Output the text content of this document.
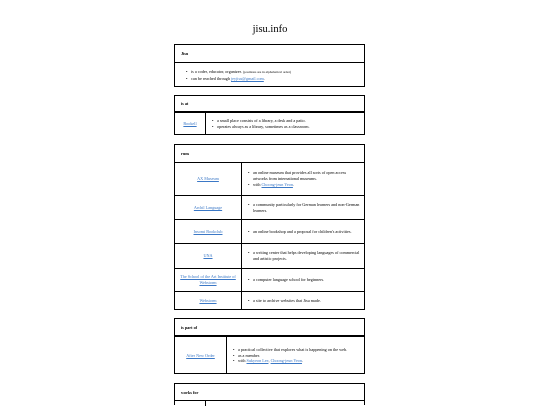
jisu.info
Jisu
• is a coder, educator, organizer. (positions are in alphabetical order)
• can be reached through jeyjisu@gmail.com.
is at
Bookell
• a small place consists of a library, a desk and a patio.
• operates always as a library, sometimes as a classroom.
runs
AX Museum
• an online museum that provides all sorts of open access artworks from international museums.
• with Choong-jeun Yeon.
Archil Language
• a community particularly for German learners and non-German learners.
Insomi Bookclub	• an online bookshop and a proposal for children's activities.
UNA
• a writing center that helps developing languages of commercial and artistic projects.
The School of the Art Institute of Webstorm
• a computer language school for beginners.
Webstorm	• a site to archive websites that Jisu made.
is part of
After New Order
• a practical collective that explores what is happening on the web.
• as a member.
• with Sukyeon Lee, Choong-jeun Yeon.
works for
